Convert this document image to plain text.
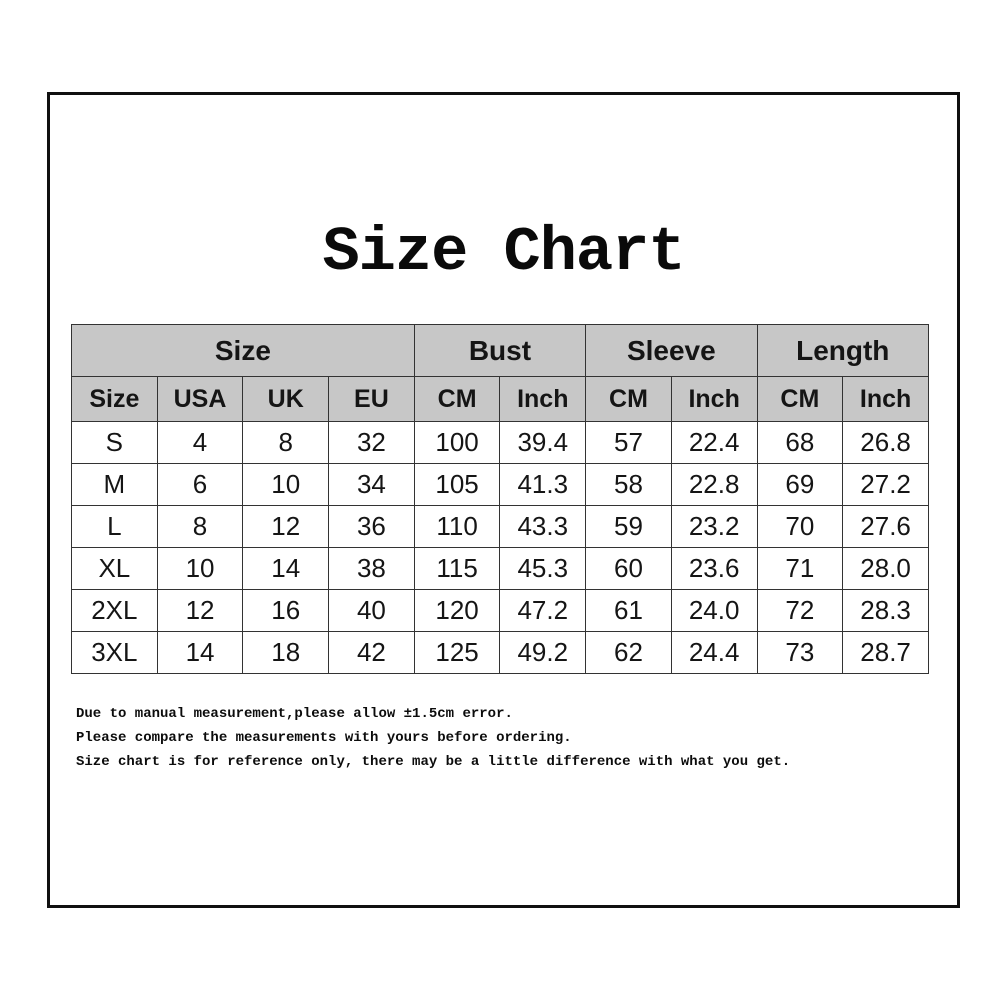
Size Chart
Size				Bust		Sleeve		Length	
Size	USA	UK	EU	CM	Inch	CM	Inch	CM	Inch
S	4	8	32	100	39.4	57	22.4	68	26.8
M	6	10	34	105	41.3	58	22.8	69	27.2
L	8	12	36	110	43.3	59	23.2	70	27.6
XL	10	14	38	115	45.3	60	23.6	71	28.0
2XL	12	16	40	120	47.2	61	24.0	72	28.3
3XL	14	18	42	125	49.2	62	24.4	73	28.7

Due to manual measurement,please allow ±1.5cm error.

Please compare the measurements with yours before ordering.

Size chart is for reference only, there may be a little difference with what you get.
